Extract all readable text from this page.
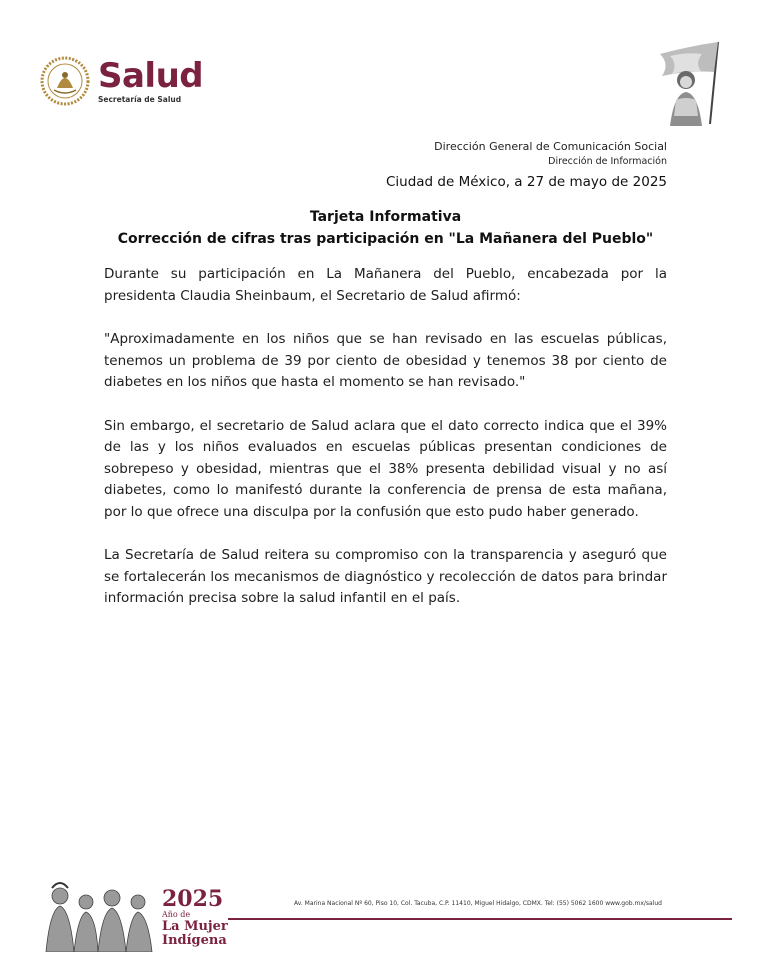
Salud
Secretaría de Salud
Dirección General de Comunicación Social
Dirección de Información
Ciudad de México, a 27 de mayo de 2025
Tarjeta Informativa
Corrección de cifras tras participación en "La Mañanera del Pueblo"

Durante su participación en La Mañanera del Pueblo, encabezada por la presidenta Claudia Sheinbaum, el Secretario de Salud afirmó:

"Aproximadamente en los niños que se han revisado en las escuelas públicas, tenemos un problema de 39 por ciento de obesidad y tenemos 38 por ciento de diabetes en los niños que hasta el momento se han revisado."

Sin embargo, el secretario de Salud aclara que el dato correcto indica que el 39% de las y los niños evaluados en escuelas públicas presentan condiciones de sobrepeso y obesidad, mientras que el 38% presenta debilidad visual y no así diabetes, como lo manifestó durante la conferencia de prensa de esta mañana, por lo que ofrece una disculpa por la confusión que esto pudo haber generado.

La Secretaría de Salud reitera su compromiso con la transparencia y aseguró que se fortalecerán los mecanismos de diagnóstico y recolección de datos para brindar información precisa sobre la salud infantil en el país.

2025
Año de
La Mujer
Indígena
Av. Marina Nacional Nº 60, Piso 10, Col. Tacuba, C.P. 11410, Miguel Hidalgo, CDMX. Tel: (55) 5062 1600 www.gob.mx/salud
